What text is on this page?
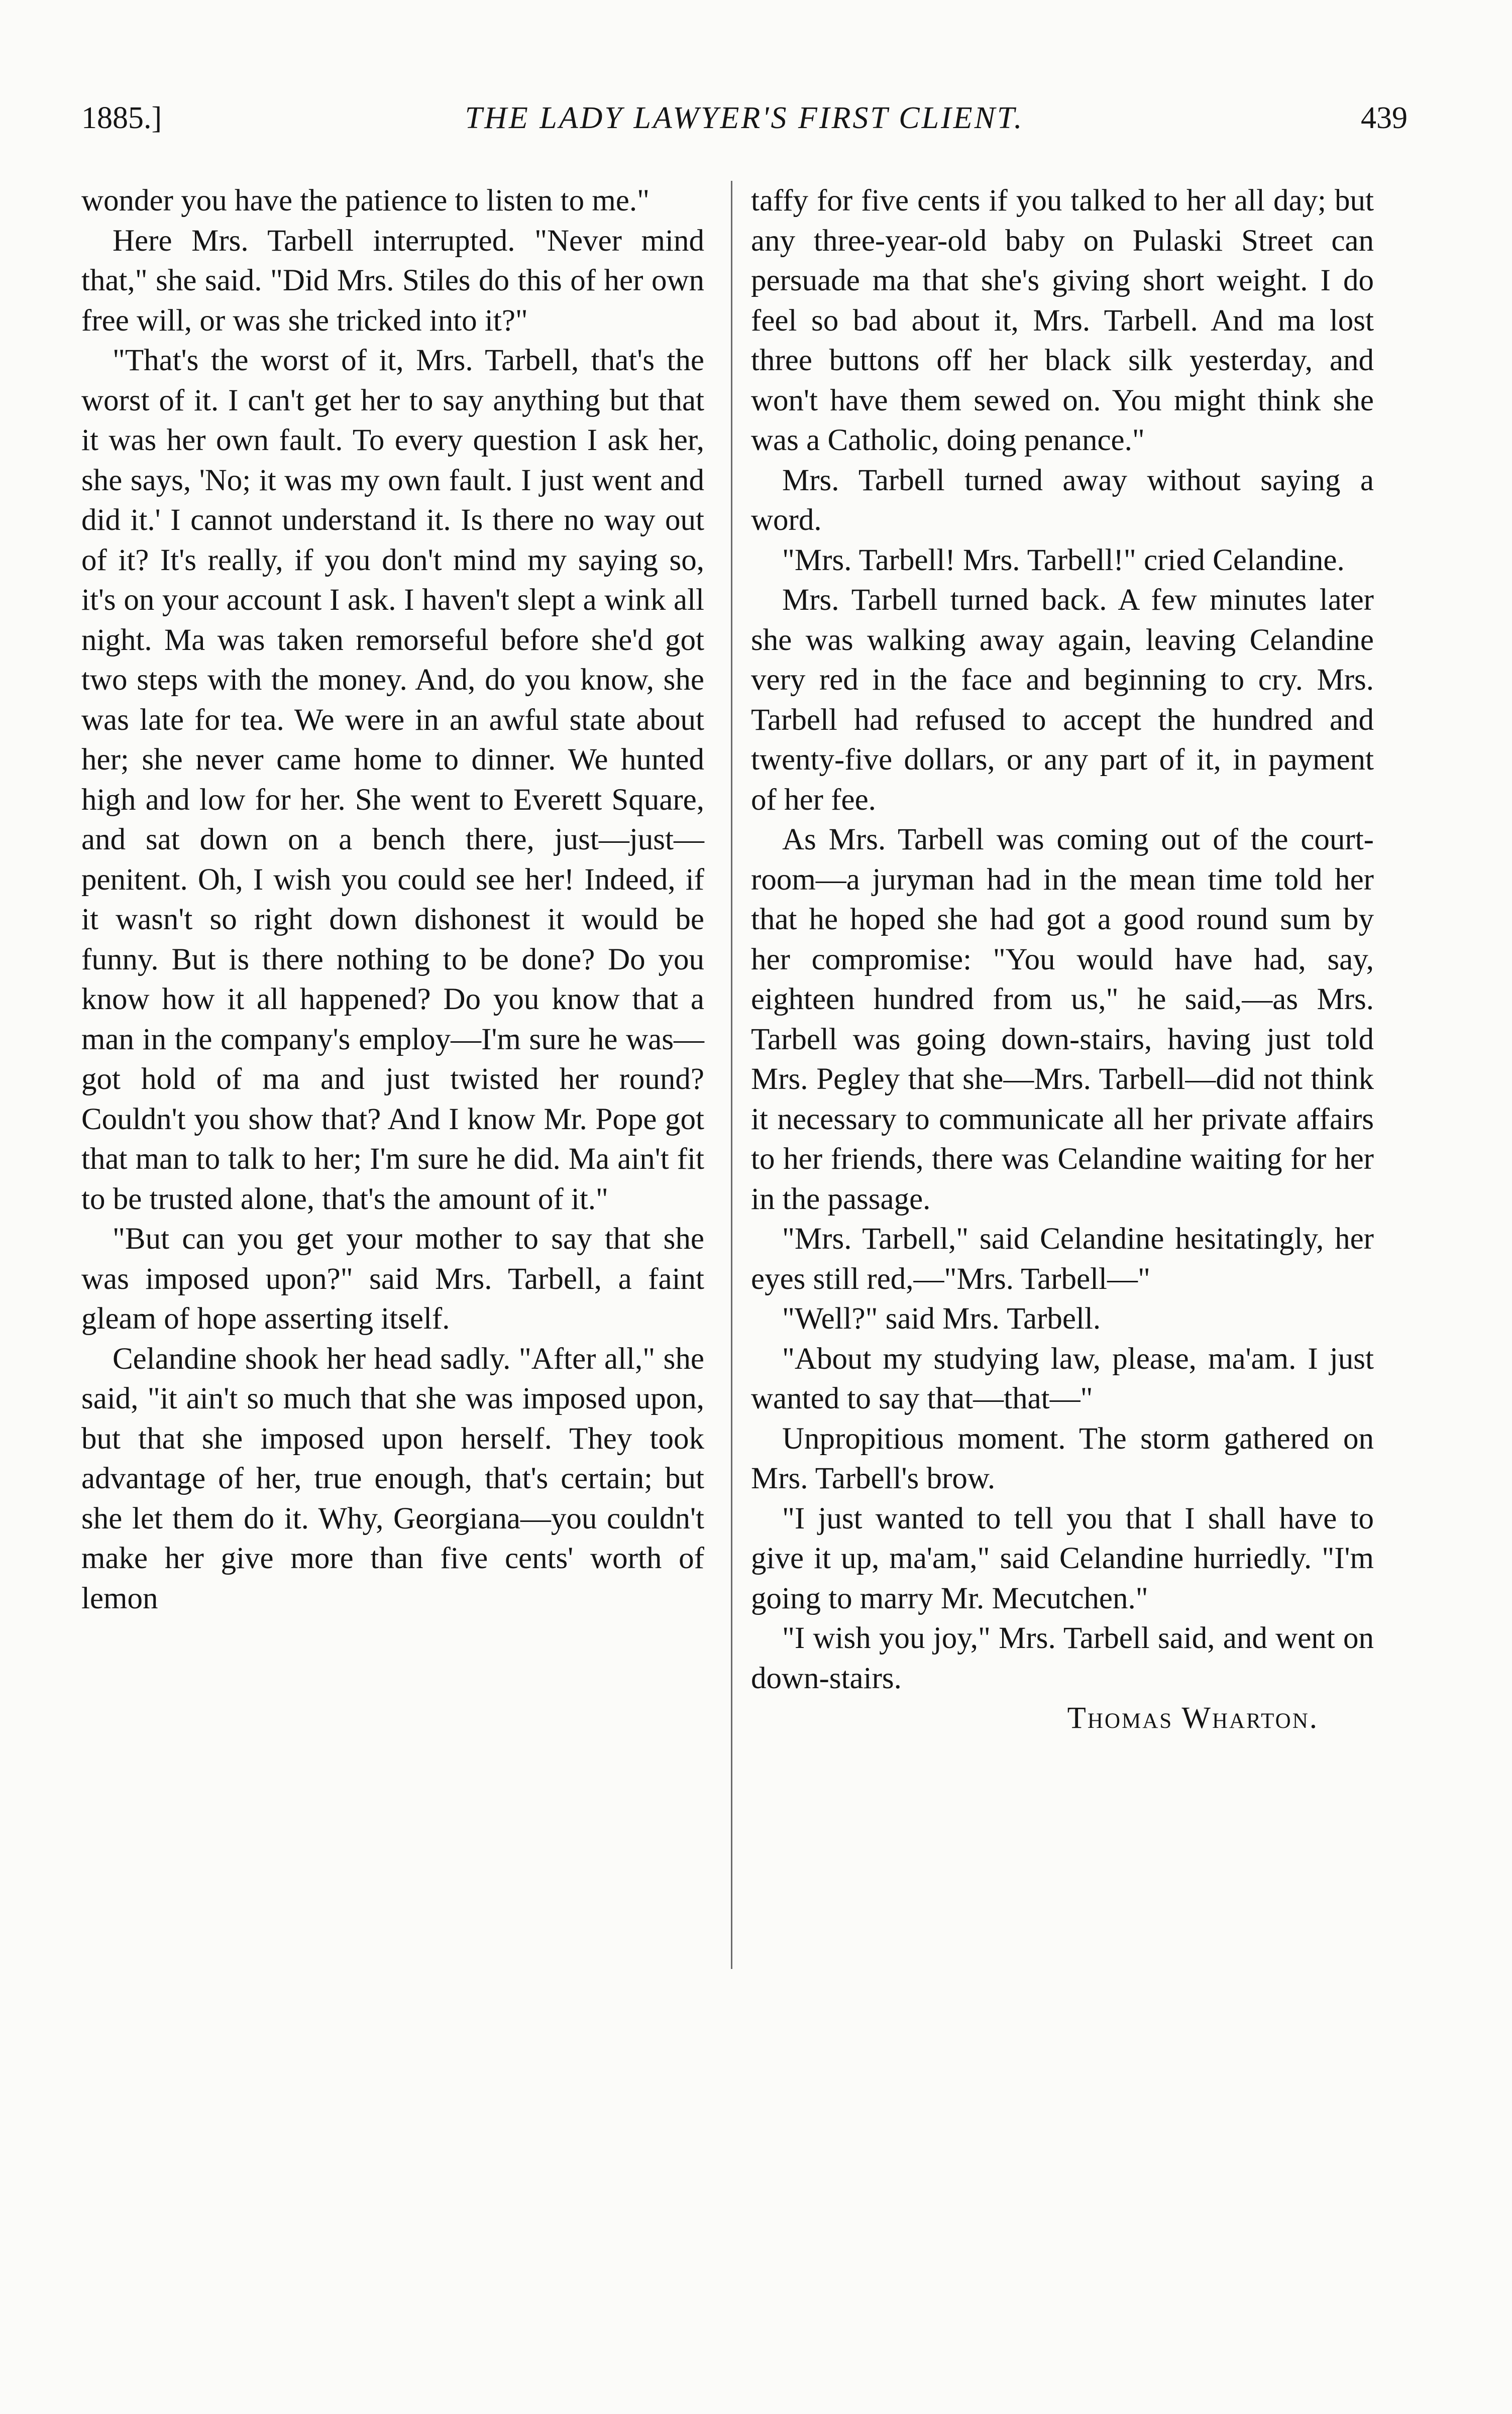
1885.]	THE LADY LAWYER'S FIRST CLIENT.	439

wonder you have the patience to listen to me."

Here Mrs. Tarbell interrupted. "Never mind that," she said. "Did Mrs. Stiles do this of her own free will, or was she tricked into it?"

"That's the worst of it, Mrs. Tarbell, that's the worst of it. I can't get her to say anything but that it was her own fault. To every question I ask her, she says, 'No; it was my own fault. I just went and did it.' I cannot understand it. Is there no way out of it? It's really, if you don't mind my saying so, it's on your account I ask. I haven't slept a wink all night. Ma was taken remorseful before she'd got two steps with the money. And, do you know, she was late for tea. We were in an awful state about her; she never came home to dinner. We hunted high and low for her. She went to Everett Square, and sat down on a bench there, just—just—penitent. Oh, I wish you could see her! Indeed, if it wasn't so right down dishonest it would be funny. But is there nothing to be done? Do you know how it all happened? Do you know that a man in the company's employ—I'm sure he was—got hold of ma and just twisted her round? Couldn't you show that? And I know Mr. Pope got that man to talk to her; I'm sure he did. Ma ain't fit to be trusted alone, that's the amount of it."

"But can you get your mother to say that she was imposed upon?" said Mrs. Tarbell, a faint gleam of hope asserting itself.

Celandine shook her head sadly. "After all," she said, "it ain't so much that she was imposed upon, but that she imposed upon herself. They took advantage of her, true enough, that's certain; but she let them do it. Why, Georgiana—you couldn't make her give more than five cents' worth of lemon

taffy for five cents if you talked to her all day; but any three-year-old baby on Pulaski Street can persuade ma that she's giving short weight. I do feel so bad about it, Mrs. Tarbell. And ma lost three buttons off her black silk yesterday, and won't have them sewed on. You might think she was a Catholic, doing penance."

Mrs. Tarbell turned away without saying a word.

"Mrs. Tarbell! Mrs. Tarbell!" cried Celandine.

Mrs. Tarbell turned back. A few minutes later she was walking away again, leaving Celandine very red in the face and beginning to cry. Mrs. Tarbell had refused to accept the hundred and twenty-five dollars, or any part of it, in payment of her fee.

As Mrs. Tarbell was coming out of the court-room—a juryman had in the mean time told her that he hoped she had got a good round sum by her compromise: "You would have had, say, eighteen hundred from us," he said,—as Mrs. Tarbell was going down-stairs, having just told Mrs. Pegley that she—Mrs. Tarbell—did not think it necessary to communicate all her private affairs to her friends, there was Celandine waiting for her in the passage.

"Mrs. Tarbell," said Celandine hesitatingly, her eyes still red,—"Mrs. Tarbell—"

"Well?" said Mrs. Tarbell.

"About my studying law, please, ma'am. I just wanted to say that—that—"

Unpropitious moment. The storm gathered on Mrs. Tarbell's brow.

"I just wanted to tell you that I shall have to give it up, ma'am," said Celandine hurriedly. "I'm going to marry Mr. Mecutchen."

"I wish you joy," Mrs. Tarbell said, and went on down-stairs.

Thomas Wharton.
